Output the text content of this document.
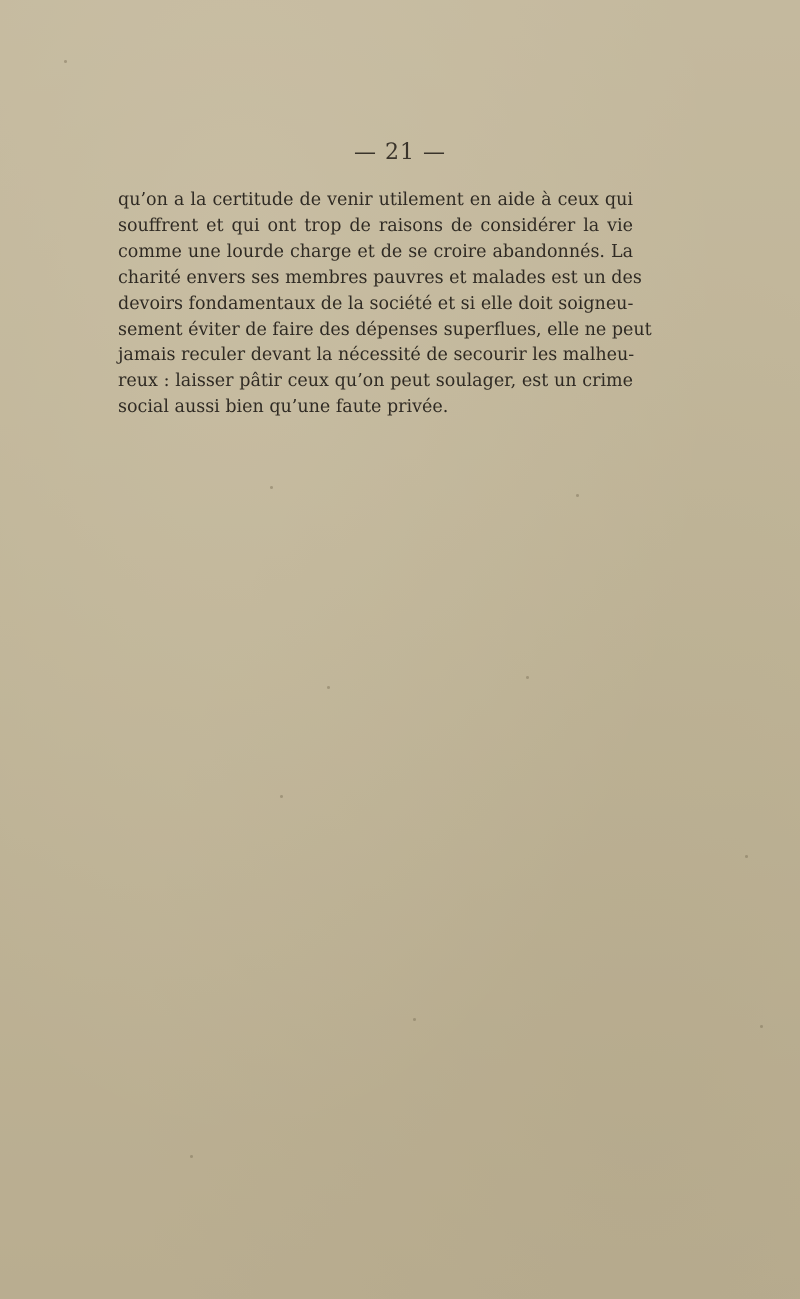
— 21 —
qu’on a la certitude de venir utilement en aide à ceux qui
souffrent et qui ont trop de raisons de considérer la vie
comme une lourde charge et de se croire abandonnés. La
charité envers ses membres pauvres et malades est un des
devoirs fondamentaux de la société et si elle doit soigneu-
sement éviter de faire des dépenses superflues, elle ne peut
jamais reculer devant la nécessité de secourir les malheu-
reux : laisser pâtir ceux qu’on peut soulager, est un crime
social aussi bien qu’une faute privée.
